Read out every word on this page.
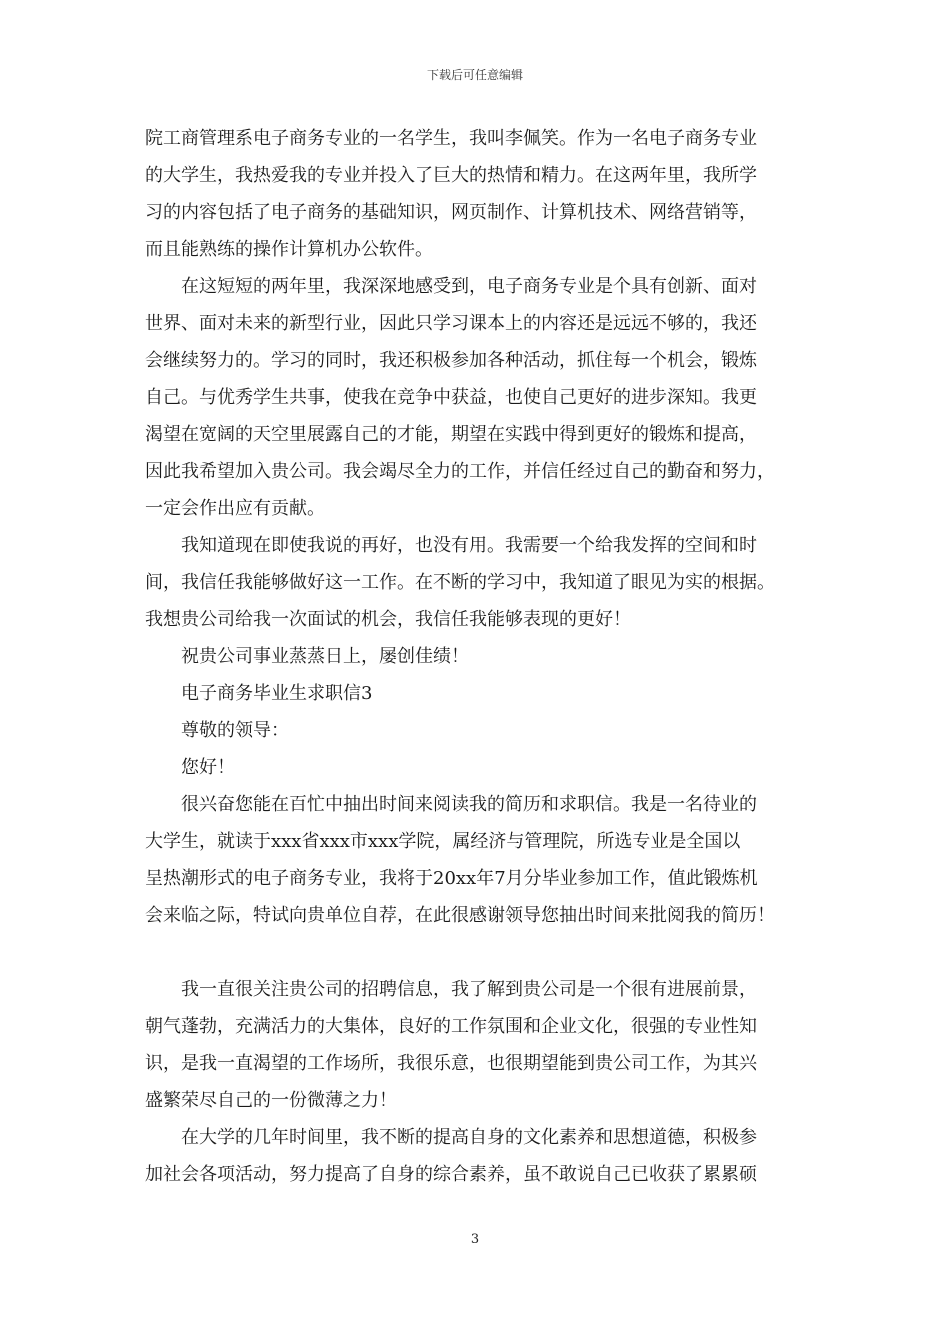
下载后可任意编辑

院工商管理系电子商务专业的一名学生，我叫李佩笑。作为一名电子商务专业
的大学生，我热爱我的专业并投入了巨大的热情和精力。在这两年里，我所学
习的内容包括了电子商务的基础知识，网页制作、计算机技术、网络营销等，
而且能熟练的操作计算机办公软件。

在这短短的两年里，我深深地感受到，电子商务专业是个具有创新、面对
世界、面对未来的新型行业，因此只学习课本上的内容还是远远不够的，我还
会继续努力的。学习的同时，我还积极参加各种活动，抓住每一个机会，锻炼
自己。与优秀学生共事，使我在竞争中获益，也使自己更好的进步深知。我更
渴望在宽阔的天空里展露自己的才能，期望在实践中得到更好的锻炼和提高，
因此我希望加入贵公司。我会竭尽全力的工作，并信任经过自己的勤奋和努力，
一定会作出应有贡献。

我知道现在即使我说的再好，也没有用。我需要一个给我发挥的空间和时
间，我信任我能够做好这一工作。在不断的学习中，我知道了眼见为实的根据。
我想贵公司给我一次面试的机会，我信任我能够表现的更好！

祝贵公司事业蒸蒸日上，屡创佳绩！

电子商务毕业生求职信3

尊敬的领导：

您好！

很兴奋您能在百忙中抽出时间来阅读我的简历和求职信。我是一名待业的
大学生，就读于xxx省xxx市xxx学院，属经济与管理院，所选专业是全国以
呈热潮形式的电子商务专业，我将于20xx年7月分毕业参加工作，值此锻炼机
会来临之际，特试向贵单位自荐，在此很感谢领导您抽出时间来批阅我的简历！

我一直很关注贵公司的招聘信息，我了解到贵公司是一个很有进展前景，
朝气蓬勃，充满活力的大集体，良好的工作氛围和企业文化，很强的专业性知
识，是我一直渴望的工作场所，我很乐意，也很期望能到贵公司工作，为其兴
盛繁荣尽自己的一份微薄之力！

在大学的几年时间里，我不断的提高自身的文化素养和思想道德，积极参
加社会各项活动，努力提高了自身的综合素养，虽不敢说自己已收获了累累硕

3
